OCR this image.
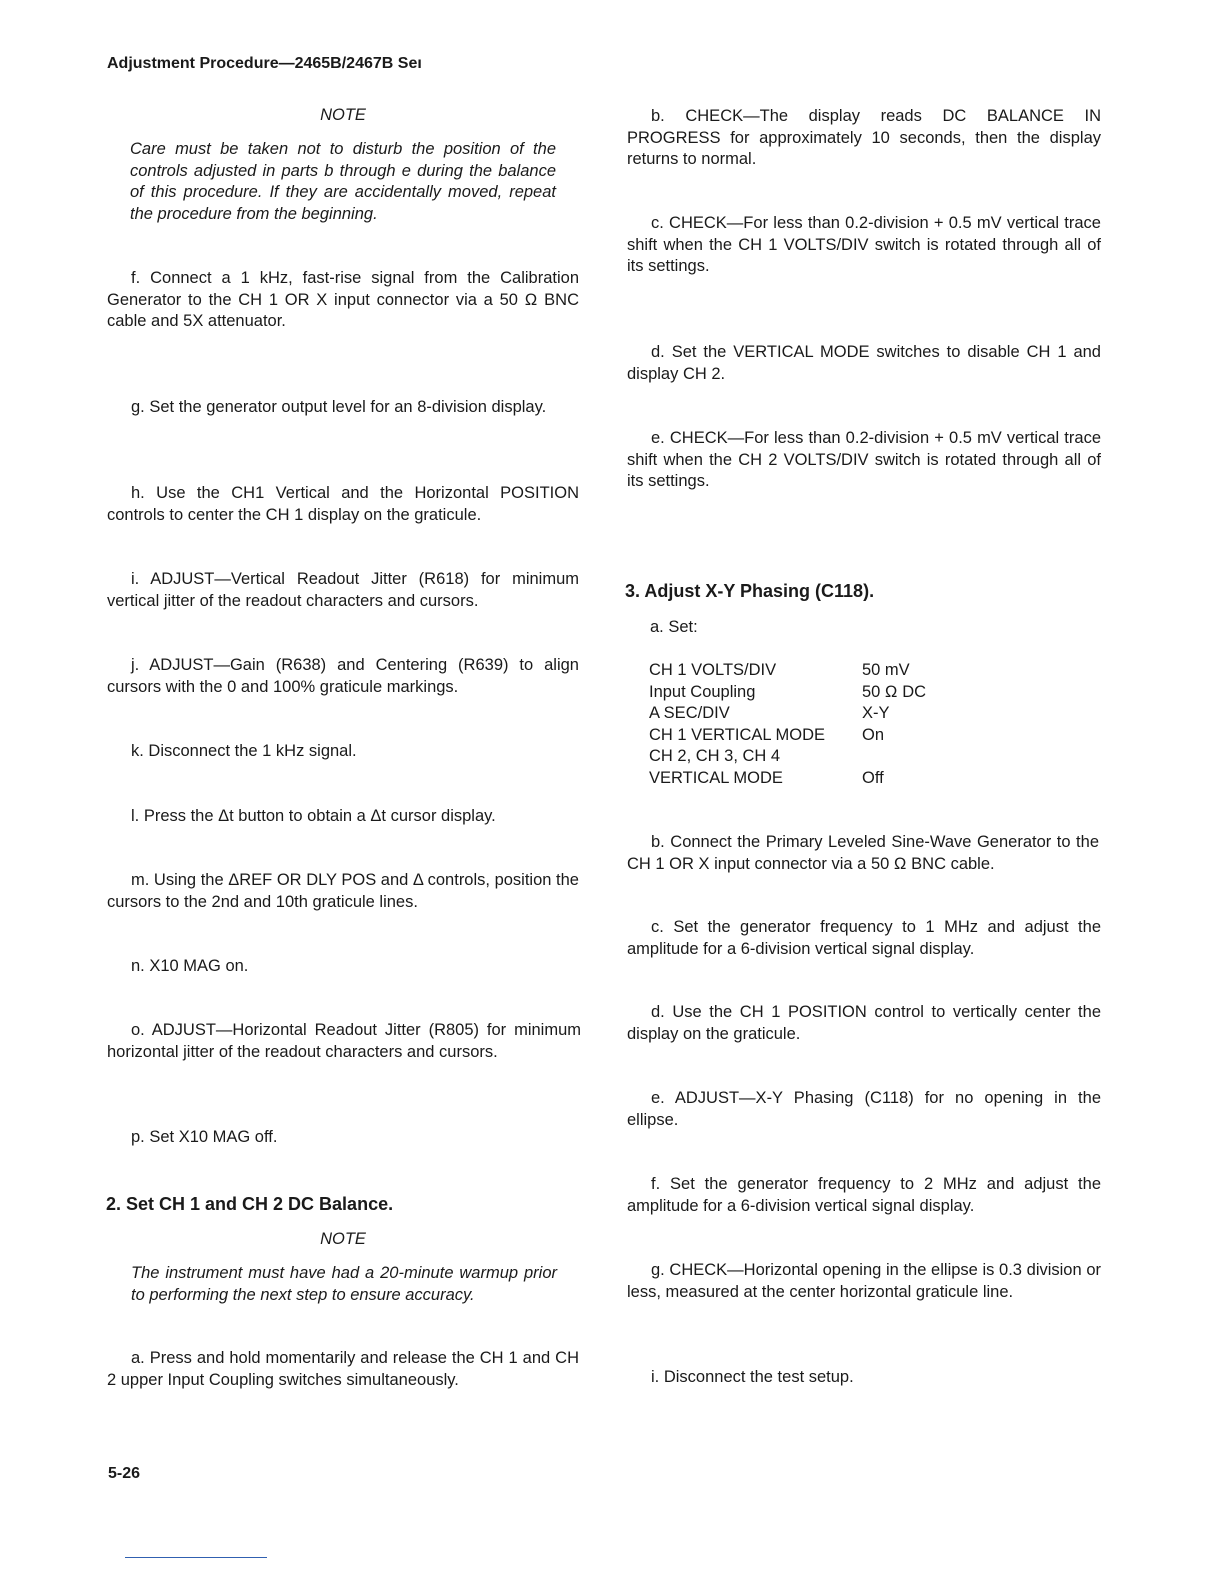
Adjustment Procedure—2465B/2467B Seı
NOTE
Care must be taken not to disturb the position of the controls adjusted in parts b through e during the balance of this procedure. If they are accidentally moved, repeat the procedure from the beginning.

f. Connect a 1 kHz, fast-rise signal from the Calibration Generator to the CH 1 OR X input connector via a 50 Ω BNC cable and 5X attenuator.

g. Set the generator output level for an 8-division display.

h. Use the CH1 Vertical and the Horizontal POSITION controls to center the CH 1 display on the graticule.

i. ADJUST—Vertical Readout Jitter (R618) for minimum vertical jitter of the readout characters and cursors.

j. ADJUST—Gain (R638) and Centering (R639) to align cursors with the 0 and 100% graticule markings.

k. Disconnect the 1 kHz signal.

l. Press the Δt button to obtain a Δt cursor display.

m. Using the ΔREF OR DLY POS and Δ controls, position the cursors to the 2nd and 10th graticule lines.

n. X10 MAG on.

o. ADJUST—Horizontal Readout Jitter (R805) for minimum horizontal jitter of the readout characters and cursors.

p. Set X10 MAG off.

2. Set CH 1 and CH 2 DC Balance.
NOTE
The instrument must have had a 20-minute warmup prior to performing the next step to ensure accuracy.

a. Press and hold momentarily and release the CH 1 and CH 2 upper Input Coupling switches simultaneously.

b. CHECK—The display reads DC BALANCE IN PROGRESS for approximately 10 seconds, then the display returns to normal.

c. CHECK—For less than 0.2-division + 0.5 mV vertical trace shift when the CH 1 VOLTS/DIV switch is rotated through all of its settings.

d. Set the VERTICAL MODE switches to disable CH 1 and display CH 2.

e. CHECK—For less than 0.2-division + 0.5 mV vertical trace shift when the CH 2 VOLTS/DIV switch is rotated through all of its settings.

3. Adjust X-Y Phasing (C118).

a. Set:

CH 1 VOLTS/DIV	50 mV
Input Coupling	50 Ω DC
A SEC/DIV	X-Y
CH 1 VERTICAL MODE	On
CH 2, CH 3, CH 4	
VERTICAL MODE	Off

b. Connect the Primary Leveled Sine-Wave Generator to the CH 1 OR X input connector via a 50 Ω BNC cable.

c. Set the generator frequency to 1 MHz and adjust the amplitude for a 6-division vertical signal display.

d. Use the CH 1 POSITION control to vertically center the display on the graticule.

e. ADJUST—X-Y Phasing (C118) for no opening in the ellipse.

f. Set the generator frequency to 2 MHz and adjust the amplitude for a 6-division vertical signal display.

g. CHECK—Horizontal opening in the ellipse is 0.3 division or less, measured at the center horizontal graticule line.

i. Disconnect the test setup.

5-26
